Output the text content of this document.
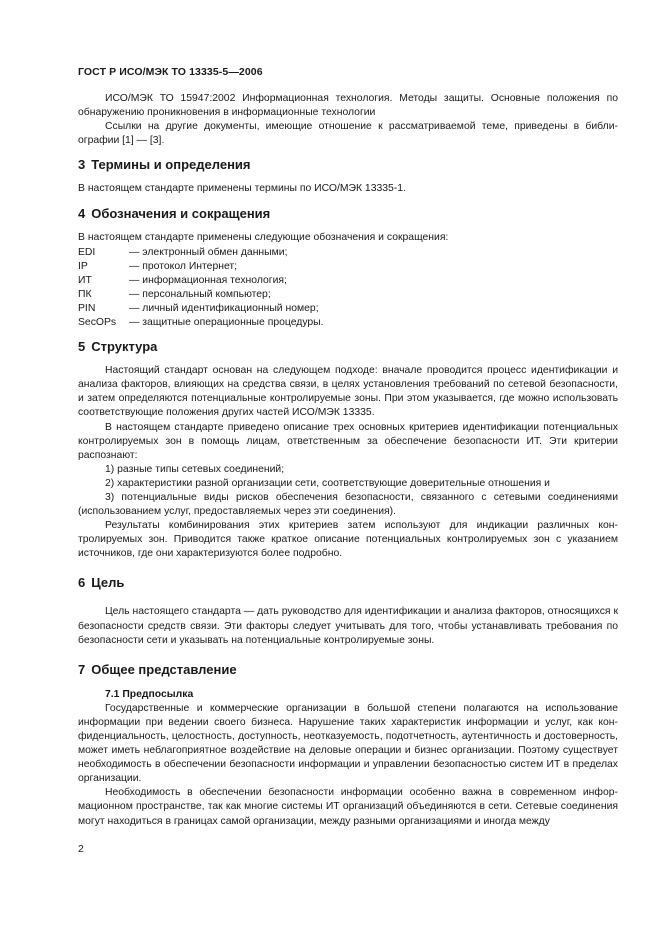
ГОСТ Р ИСО/МЭК ТО 13335-5—2006

ИСО/МЭК ТО 15947:2002 Информационная технология. Методы защиты. Основные положения по обнаружению проникновения в информационные технологии

Ссылки на другие документы, имеющие отношение к рассматриваемой теме, приведены в библиографии [1] — [3].

3 Термины и определения

В настоящем стандарте применены термины по ИСО/МЭК 13335-1.

4 Обозначения и сокращения

В настоящем стандарте применены следующие обозначения и сокращения:

EDI	— электронный обмен данными;
IP	— протокол Интернет;
ИТ	— информационная технология;
ПК	— персональный компьютер;
PIN	— личный идентификационный номер;
SecOPs	— защитные операционные процедуры.
5 Структура

Настоящий стандарт основан на следующем подходе: вначале проводится процесс идентификации и анализа факторов, влияющих на средства связи, в целях установления требований по сетевой безопасности, и затем определяются потенциальные контролируемые зоны. При этом указывается, где можно использовать соответствующие положения других частей ИСО/МЭК 13335.

В настоящем стандарте приведено описание трех основных критериев идентификации потенциальных контролируемых зон в помощь лицам, ответственным за обеспечение безопасности ИТ. Эти критерии распознают:

1) разные типы сетевых соединений;

2) характеристики разной организации сети, соответствующие доверительные отношения и

3) потенциальные виды рисков обеспечения безопасности, связанного с сетевыми соединениями (использованием услуг, предоставляемых через эти соединения).

Результаты комбинирования этих критериев затем используют для индикации различных контролируемых зон. Приводится также краткое описание потенциальных контролируемых зон с указанием источников, где они характеризуются более подробно.

6 Цель

Цель настоящего стандарта — дать руководство для идентификации и анализа факторов, относящихся к безопасности средств связи. Эти факторы следует учитывать для того, чтобы устанавливать требования по безопасности сети и указывать на потенциальные контролируемые зоны.

7 Общее представление

7.1 Предпосылка

Государственные и коммерческие организации в большой степени полагаются на использование информации при ведении своего бизнеса. Нарушение таких характеристик информации и услуг, как конфиденциальность, целостность, доступность, неотказуемость, подотчетность, аутентичность и достоверность, может иметь неблагоприятное воздействие на деловые операции и бизнес организации. Поэтому существует необходимость в обеспечении безопасности информации и управлении безопасностью систем ИТ в пределах организации.

Необходимость в обеспечении безопасности информации особенно важна в современном информационном пространстве, так как многие системы ИТ организаций объединяются в сети. Сетевые соединения могут находиться в границах самой организации, между разными организациями и иногда между

2
